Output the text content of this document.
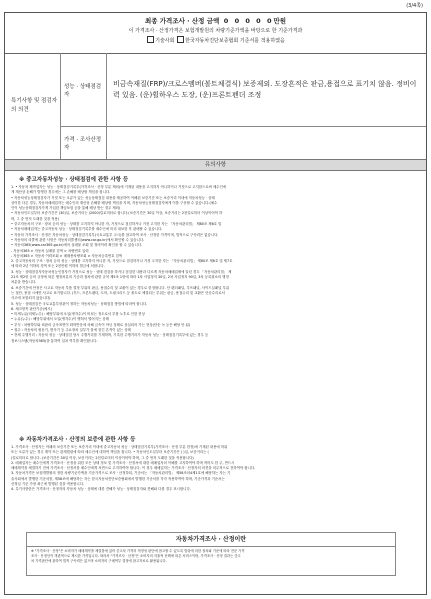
(3/4쪽)
최종 가격조사 · 산정 금액 0 0 0 0 0만원
이 가격조사 · 산정가격은 보험개발원의 차량기준가액을 바탕으로 한 기준가격과
기술사회 한국자동차진단보증협회 기준서를 적용하였음
특기사항 및 점검자의 의견
성능 · 상태점검자
비금속재질(FRP)/크로스멤버(볼트체결식) 보증제외. 도장흔적은 판금,용접으로 표기치 않음. 정비이력 있음. (운)휠하우스 도장, (운)프론트펜더 조정
가격 · 조사산정자
유의사항
※ 중고자동차성능 · 상태점검에 관한 사항 등
1. • 자동차 제작업자는 성능 · 상태점검기록부(가격조사 · 산정 부분 제외)에 기재된 내용을 고지하지 아니하거나 거짓으로 고지함으로써 매수인에
게 재산상 손해가 발생한 경우에는 그 손해를 배상할 책임을 집니다.
• 자동차성능상태점검자가 거짓 또는 오류가 있는 성능상태점검 내용을 제공하여 이해된 보증기간 또는 보증거리 이내에 자동차성능 · 상태
상이한 다른 경우, 자동차매매업자는 매수인의 재산상 손해를 배상할 책임을 지며, 자동차성능상태점검자에게 이를 구상할 수 있습니다.(매수
인이 성능상태점검자가게 가입한 책임보험 등을 통해 배상 받는 경우 제외)
• 자동차인도일부터 보증기간은 (30)일, 보증거리는 (2000)킬로미터로 합니다.(보증기간은 30일 이상, 보증거리는 2천킬로미터 이상이어야 하
며, 그 중 먼저 도래한 것을 적용)
• 중고자동차의 구조 · 장치 등의 성능 · 상태를 고지하지 아니한 자, 거짓으로 점검하거나 거짓 고지한 자는 「자동차관리법」 제80조 제6호 및
• 자동차매매업자는 중고자동차 성능 · 상태점검기록부를 매수인에 미리 내보한 후 판매할 수 있습니다.
• 자동차 가격조사 · 산정은 자동차성능 · 상태점검기록부(국토교통부 고시)를 참고하여 조사 · 산정한 가격이며, 법적으로 구속력은 없습니다.
• 자동차의 리콜에 관한 사항은 자동차리콜센터(www.car.go.kr)에서 확인할 수 있습니다.
• 자동차365(www.car365.go.kr)에서 실매물 조회 및 정비이력 확인을 할 수 있습니다.
- 자동차365 > 자동차 실매물 검색 > 차량번호 입력
- 자동차365 > 자동차 이력조회 > 매매용차량조회 > 자동차등록번호 검색
2. 중고자동차의 구조 · 장치 등의 성능 · 상태를 고지하지 아니한 자, 거짓으로 점검하거나 거짓 고지한 자는 「자동차관리법」 제80조 제6호 및 제7호
에 따라 2년 이하의 징역 또는 2천만원 이하의 벌금에 처합니다.
3. 성능 · 상태점검자자동차성능인점자가 거짓으로 성능 · 상태 점검을 하거나 점검한 내용과 다르게 자동차매매업체에 알린 경우 「자동차관리법」 제
21조 제2항 등의 규정에 따른 행정처분의 기준과 절차에 관한 규칙 제5조 1항에 따라 1차 사업정지 30일, 2차 사업정지 90일, 3차 등록취소의 행정
처분을 받습니다.
4. 보증기간에 안정은 사고로 자동차 부품 결정 부위의 판금, 용접수리 및 교환이 있는 경우로 한정합니다. 단 펜더패널, 루프패널, 사이드실패널 부위
는 절단, 용접 시에만 사고로 표기합니다. (후드, 프론트펜더, 도어, 트렁크리드 등 볼트로 체결되는 부위는 판금, 용접수리 및 교환은 단순수리로서
사고에 포함되지 않습니다)
5. 성능 · 상태점검은 국토교통부장관이 정하는 자동차성능 · 상태점검 방법에 따라야 합니다.
6. 체크항목 판단기준(예시)
• 미세누유(미세누수) : 해당부위에 오일(냉각수)이 비치는 정도로서 부품 노후로 인한 현상
• 누유(누수) : 해당부위에서 오일(냉각수)이 맺혀서 떨어지는 상태
• 부식 : 차량하부와 외판의 금속표면이 화학반응에 의해 금속이 아닌 상태로 상실되어 가는 현상(단순 녹 등은 해당 안 됨)
• 침수 : 자동차의 원동기, 변속기 등 주요장치 일부가 물에 잠긴 흔적이 있는 상태
• 전체 주행거리 : 자동차 성능 · 상태점검 당시 주행거리를 기재하며, 기록한 주행거리가 자동차 성능 · 상태점검기록부에 있는 경우 등
정보시스템(자동차365)을 통하여 일치 여부를 확인합니다.
※ 자동차가격조사 · 산정의 보증에 관한 사항 등
1. 가격조사 · 산정자는 아래의 보증기간 또는 보증거리 이내에 중고자동차 성능 · 상태점검기록부(가격조사 · 산정 부분 한정)에 기재된 내용에 허위
또는 오류가 있는 경우 계약 또는 관계법령에 따라 매수인에 대하여 책임을 집니다. • 자동차인도일부터 보증기간은 ( )일, 보증거리는 (
)킬로미터로 합니다. (보증기간은 30일 이상, 보증거리는 2천킬로미터 이상이어야 하며, 그 중 먼저 도래한 것을 적용합니다)
2. 매매업자는 매수인에게 가격조사 · 산정을 위한 모든 상태 정보 및 가격조사 · 산정서에 대한 매매업자의 이해를 고지하여야 하며 적어도 한 주, 반드시
매매계약을 체결하기 전에 가격조사 · 산정서를 매수인에게 서면으로 고지하여야 합니다. 이 경우 매매업자는 가격조사 · 산정자의 의견을 의무적으로 전하여야 합니다.
3. 자동차가격은 보험개발원의 정한 차량기준가액을 기준가격으로 조사 · 산정하되, 기준서는 「자동차관리법」 제58조의4제1호에 해당하는 자는 기
술사회에서 발행한 기준서를, 제58조에 해당하는 자는 한국자동차진단보증협회에서 발행한 기준서를 각각 적용하여야 하며, 기준가격과 기준서는
산정일 기준 가장 최근에 발행된 것을 적용합니다.
4. 특기사항란은 가격조사 · 산정자의 자동차 성능 · 상태에 대한 견해가 성능 · 상태점검자와 견해와 다를 경우 표시합니다.
자동차가격조사 · 산정이란
※ "가격조사 · 산정"은 소비자가 매매계약을 체결함에 있어 중고차 가격의 적정성 판단에 참고할 수 있도록 법령에 의한 절차와 기준에 따라 전문 가격
조사 · 산정인이 객관적으로 제시한 가격입니다. 따라서 "가격조사 · 산정"은 소비자의 자율적 선택에 따른 서비스이며, 가격조사 · 산정 결과는 중고
차 가격판단에 관하여 법적 구속력은 없으며 소비자의 구매여부 결정에 참고자료로 활용됩니다.
